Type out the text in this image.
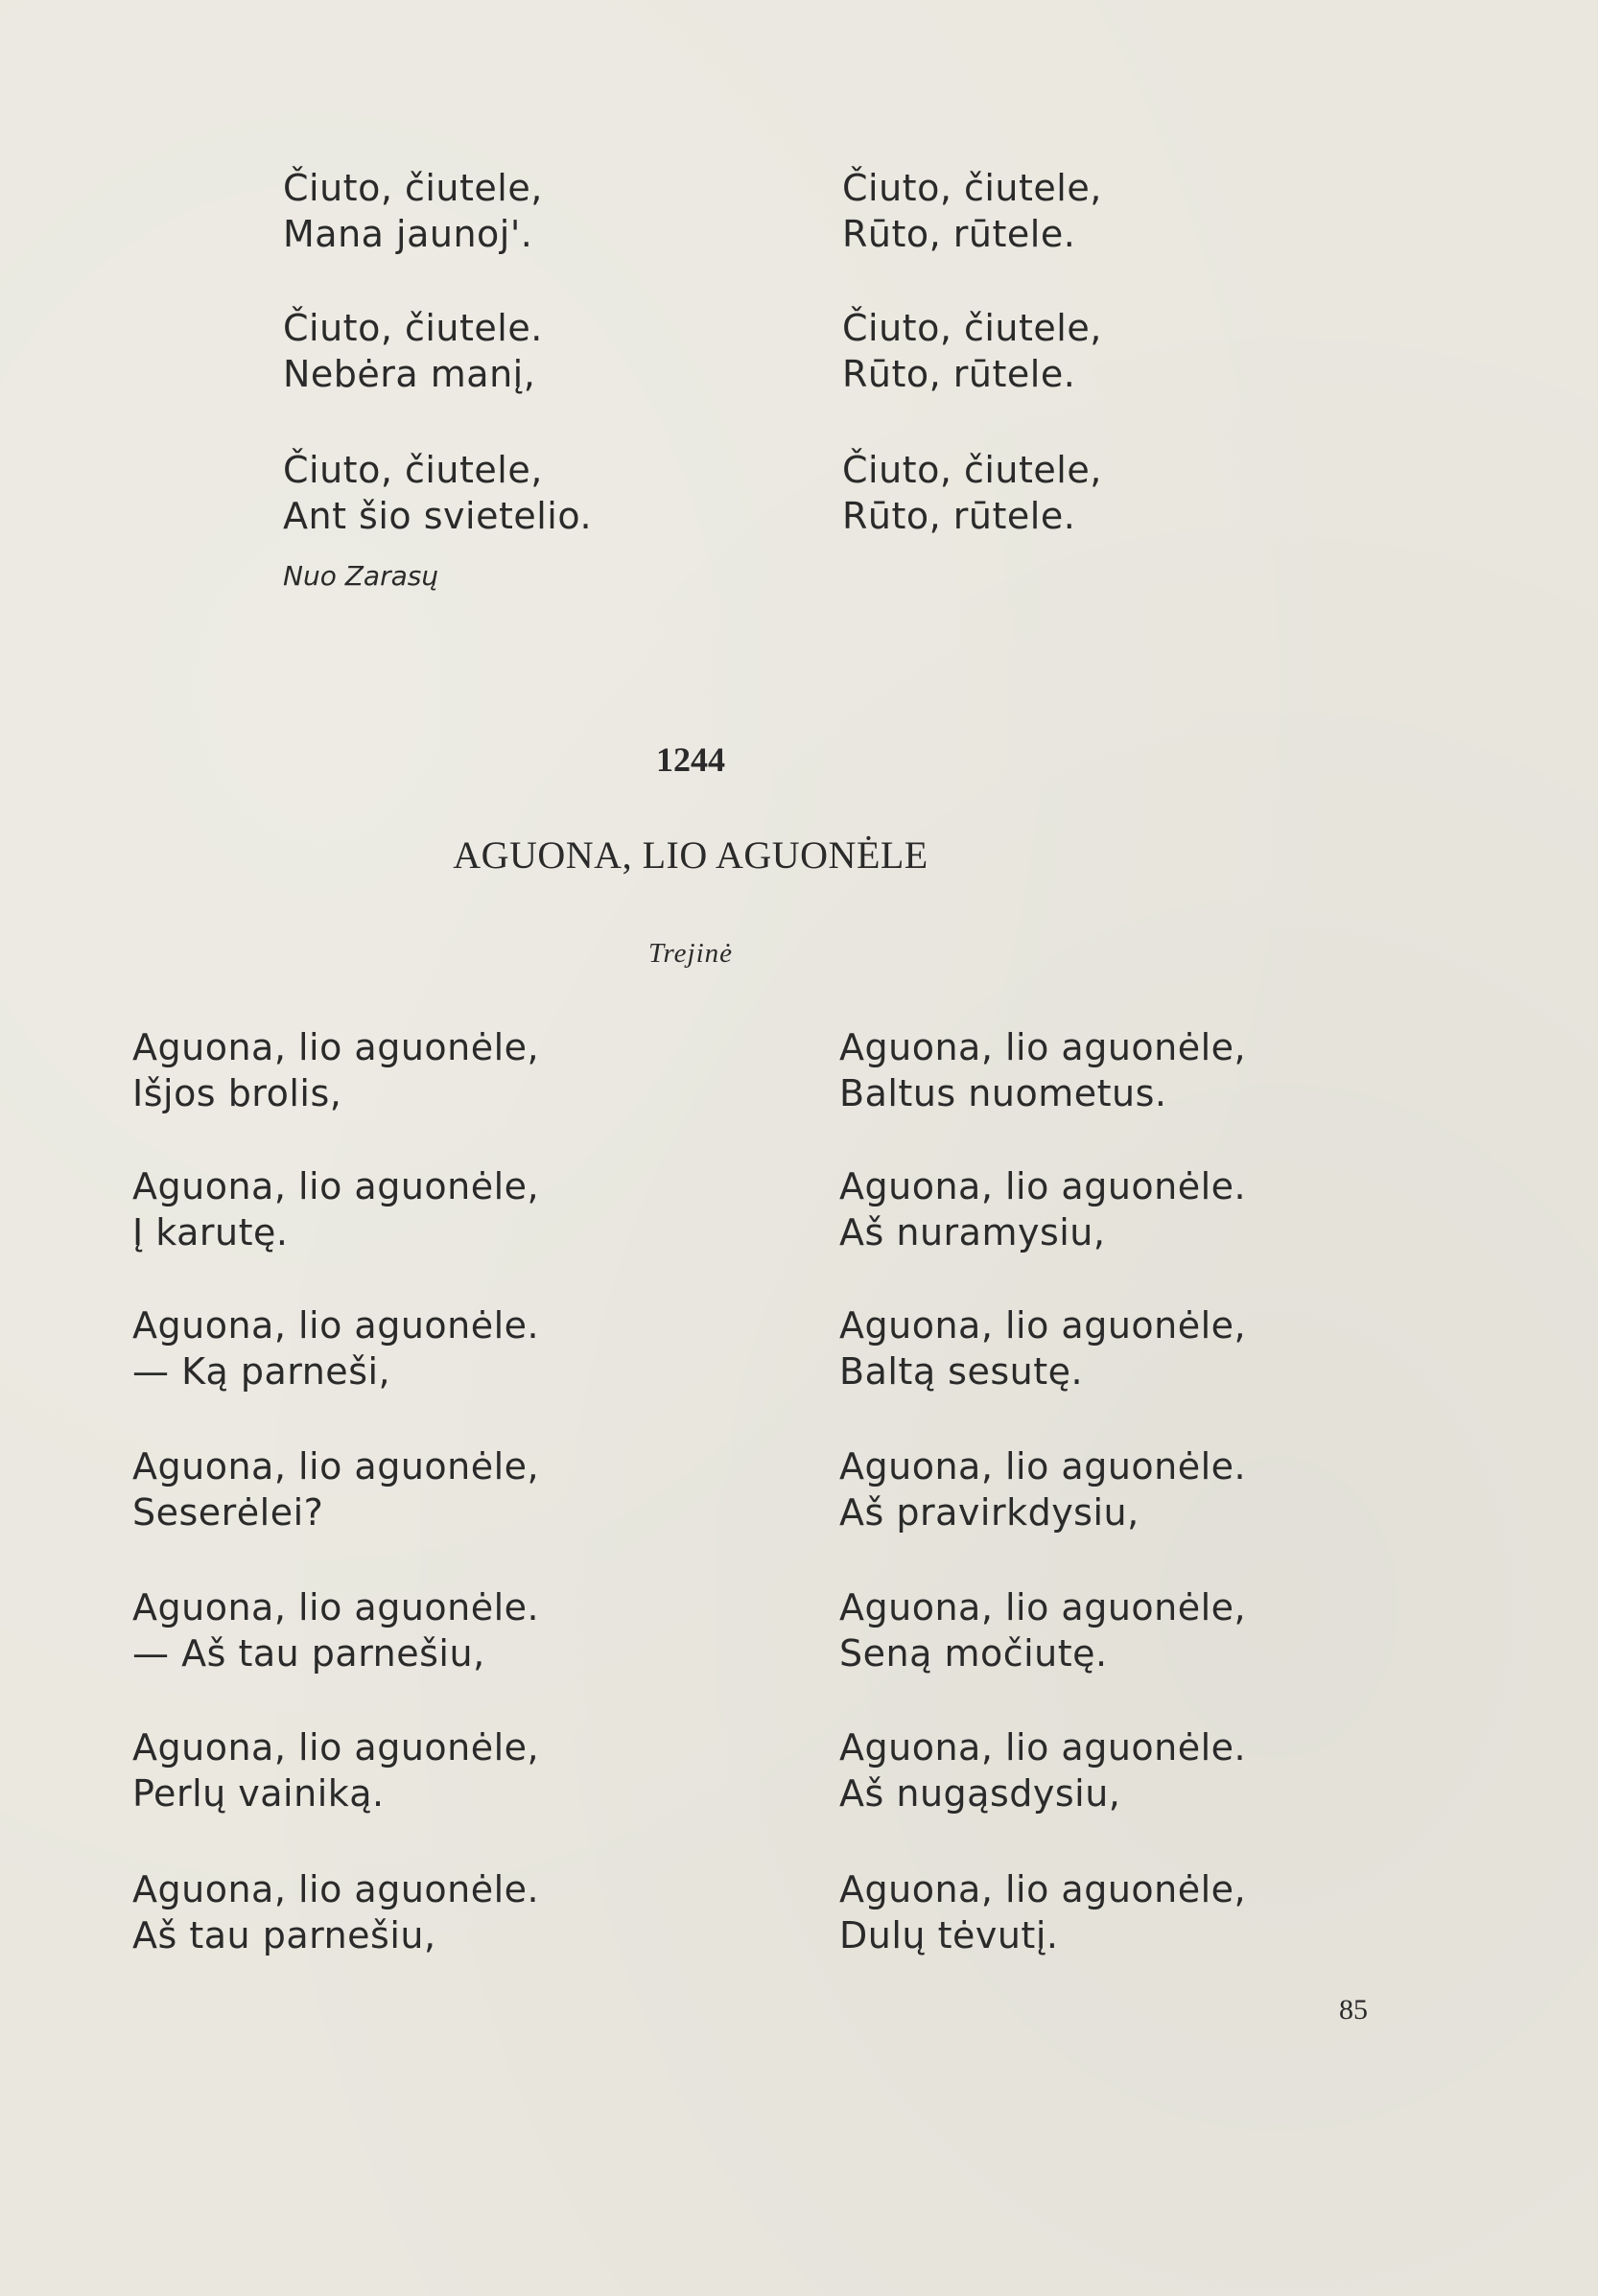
Čiuto, čiutele,
Mana jaunoj'.
Čiuto, čiutele.
Nebėra manį,
Čiuto, čiutele,
Ant šio svietelio.
Čiuto, čiutele,
Rūto, rūtele.
Čiuto, čiutele,
Rūto, rūtele.
Čiuto, čiutele,
Rūto, rūtele.
Nuo Zarasų
1244
AGUONA, LIO AGUONĖLE
Trejinė
Aguona, lio aguonėle,
Išjos brolis,
Aguona, lio aguonėle,
Į karutę.
Aguona, lio aguonėle.
— Ką parneši,
Aguona, lio aguonėle,
Seserėlei?
Aguona, lio aguonėle.
— Aš tau parnešiu,
Aguona, lio aguonėle,
Perlų vainiką.
Aguona, lio aguonėle.
Aš tau parnešiu,
Aguona, lio aguonėle,
Baltus nuometus.
Aguona, lio aguonėle.
Aš nuramysiu,
Aguona, lio aguonėle,
Baltą sesutę.
Aguona, lio aguonėle.
Aš pravirkdysiu,
Aguona, lio aguonėle,
Seną močiutę.
Aguona, lio aguonėle.
Aš nugąsdysiu,
Aguona, lio aguonėle,
Dulų tėvutį.
85
